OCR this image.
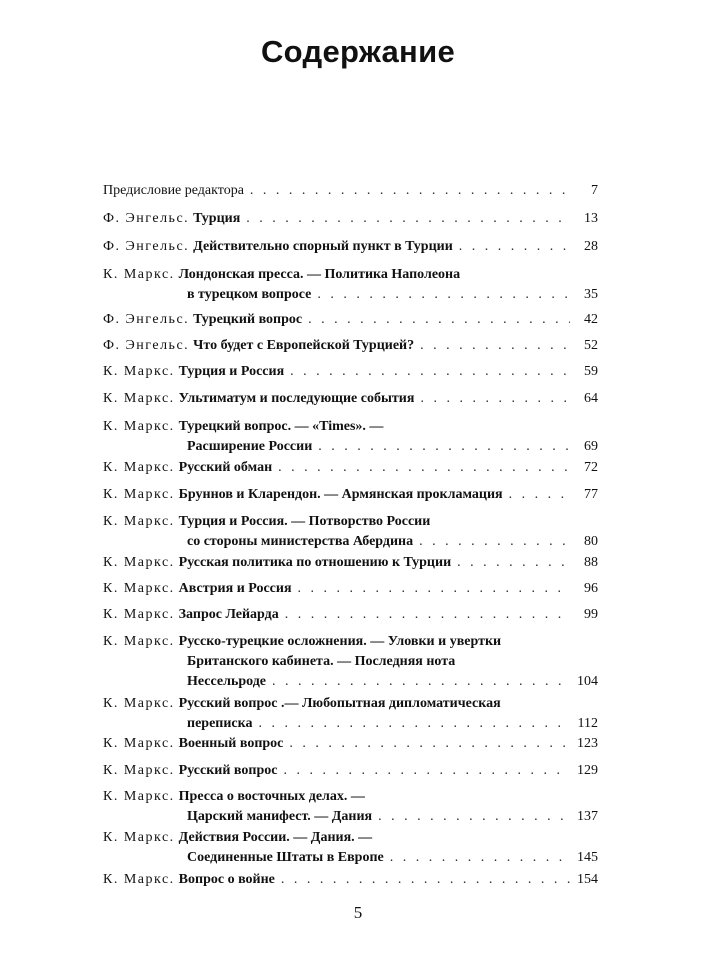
Содержание
Предисловие редактора . . .	7
Ф. Энгельс. Турция . . .	13
Ф. Энгельс. Действительно спорный пункт в Турции . . .	28
К. Маркс. Лондонская пресса. — Политика Наполеона
в турецком вопросе . . .	35
Ф. Энгельс. Турецкий вопрос . . .	42
Ф. Энгельс. Что будет с Европейской Турцией? . . .	52
К. Маркс. Турция и Россия . . .	59
К. Маркс. Ультиматум и последующие события . . .	64
К. Маркс. Турецкий вопрос. — «Times». —
Расширение России . . .	69
К. Маркс. Русский обман . . .	72
К. Маркс. Бруннов и Кларендон. — Армянская прокламация . . .	77
К. Маркс. Турция и Россия. — Потворство России
со стороны министерства Абердина . . .	80
К. Маркс. Русская политика по отношению к Турции . . .	88
К. Маркс. Австрия и Россия . . .	96
К. Маркс. Запрос Лейарда . . .	99
К. Маркс. Русско-турецкие осложнения. — Уловки и увертки
Британского кабинета. — Последняя нота
Нессельроде . . .	104
К. Маркс. Русский вопрос .— Любопытная дипломатическая
переписка . . .	112
К. Маркс. Военный вопрос . . .	123
К. Маркс. Русский вопрос . . .	129
К. Маркс. Пресса о восточных делах. —
Царский манифест. — Дания . . .	137
К. Маркс. Действия России. — Дания. —
Соединенные Штаты в Европе . . .	145
К. Маркс. Вопрос о войне . . .	154
5
